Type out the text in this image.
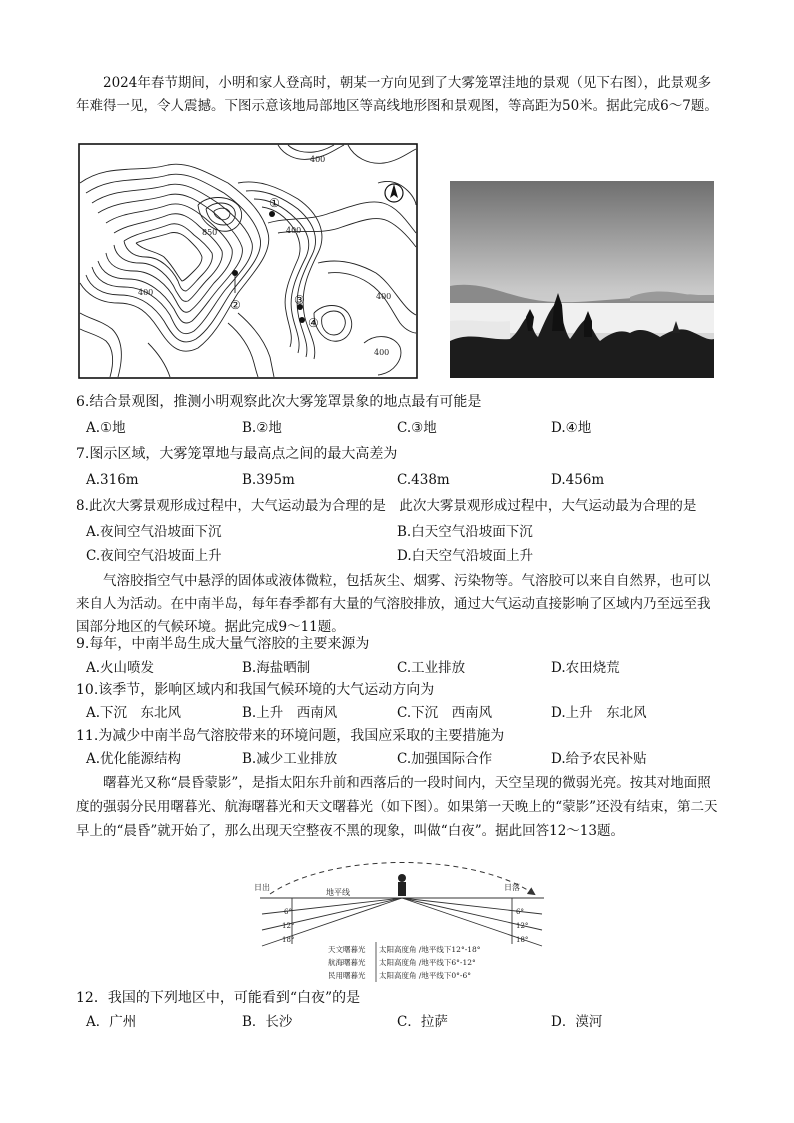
2024年春节期间，小明和家人登高时，朝某一方向见到了大雾笼罩洼地的景观（见下右图），此景观多年难得一见，令人震撼。下图示意该地局部地区等高线地形图和景观图，等高距为50米。据此完成6～7题。
400
400
400
850
400
400
①
②	③
④
6.结合景观图，推测小明观察此次大雾笼罩景象的地点最有可能是
A.①地	B.②地	C.③地	D.④地
7.图示区域，大雾笼罩地与最高点之间的最大高差为
A.316m	B.395m	C.438m	D.456m
8.此次大雾景观形成过程中，大气运动最为合理的是　此次大雾景观形成过程中，大气运动最为合理的是
A.夜间空气沿坡面下沉	B.白天空气沿坡面下沉
C.夜间空气沿坡面上升	D.白天空气沿坡面上升
气溶胶指空气中悬浮的固体或液体微粒，包括灰尘、烟雾、污染物等。气溶胶可以来自自然界，也可以来自人为活动。在中南半岛，每年春季都有大量的气溶胶排放，通过大气运动直接影响了区域内乃至远至我国部分地区的气候环境。据此完成9～11题。
9.每年，中南半岛生成大量气溶胶的主要来源为
A.火山喷发	B.海盐晒制	C.工业排放	D.农田烧荒
10.该季节，影响区域内和我国气候环境的大气运动方向为
A.下沉　东北风	B.上升　西南风	C.下沉　西南风	D.上升　东北风
11.为减少中南半岛气溶胶带来的环境问题，我国应采取的主要措施为
A.优化能源结构	B.减少工业排放	C.加强国际合作	D.给予农民补贴
曙暮光又称“晨昏蒙影”，是指太阳东升前和西落后的一段时间内，天空呈现的微弱光亮。按其对地面照度的强弱分民用曙暮光、航海曙暮光和天文曙暮光（如下图）。如果第一天晚上的“蒙影”还没有结束，第二天早上的“晨昏”就开始了，那么出现天空整夜不黑的现象，叫做“白夜”。据此回答12～13题。
日出	日落
地平线
6°
12°
18°
6°
12°
18°
天文曙暮光 太阳高度角 /地平线下12°-18°
航海曙暮光 太阳高度角 /地平线下6°-12°
民用曙暮光 太阳高度角 /地平线下0°-6°
12．我国的下列地区中，可能看到“白夜”的是
A．广州	B．长沙	C．拉萨	D．漠河
